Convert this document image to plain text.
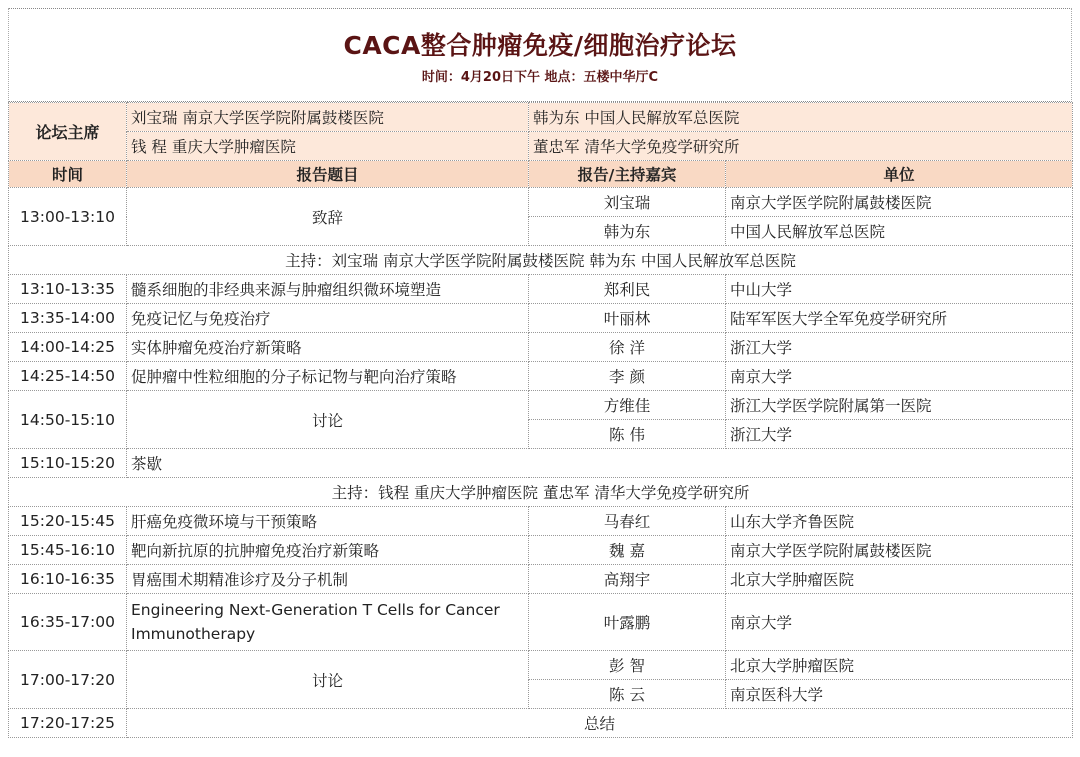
CACA整合肿瘤免疫/细胞治疗论坛
时间：4月20日下午 地点：五楼中华厅C
论坛主席	刘宝瑞 南京大学医学院附属鼓楼医院	韩为东 中国人民解放军总医院	
	钱 程 重庆大学肿瘤医院	董忠军 清华大学免疫学研究所	
时间	报告题目	报告/主持嘉宾	单位
13:00-13:10	致辞	刘宝瑞	南京大学医学院附属鼓楼医院
		韩为东	中国人民解放军总医院
主持：刘宝瑞 南京大学医学院附属鼓楼医院 韩为东 中国人民解放军总医院			
13:10-13:35	髓系细胞的非经典来源与肿瘤组织微环境塑造	郑利民	中山大学
13:35-14:00	免疫记忆与免疫治疗	叶丽林	陆军军医大学全军免疫学研究所
14:00-14:25	实体肿瘤免疫治疗新策略	徐 洋	浙江大学
14:25-14:50	促肿瘤中性粒细胞的分子标记物与靶向治疗策略	李 颜	南京大学
14:50-15:10	讨论	方维佳	浙江大学医学院附属第一医院
		陈 伟	浙江大学
15:10-15:20	茶歇		
主持：钱程 重庆大学肿瘤医院 董忠军 清华大学免疫学研究所			
15:20-15:45	肝癌免疫微环境与干预策略	马春红	山东大学齐鲁医院
15:45-16:10	靶向新抗原的抗肿瘤免疫治疗新策略	魏 嘉	南京大学医学院附属鼓楼医院
16:10-16:35	胃癌围术期精准诊疗及分子机制	高翔宇	北京大学肿瘤医院
16:35-17:00	Engineering Next-Generation T Cells for Cancer Immunotherapy	叶露鹏	南京大学
17:00-17:20	讨论	彭 智	北京大学肿瘤医院
		陈 云	南京医科大学
17:20-17:25	总结		
